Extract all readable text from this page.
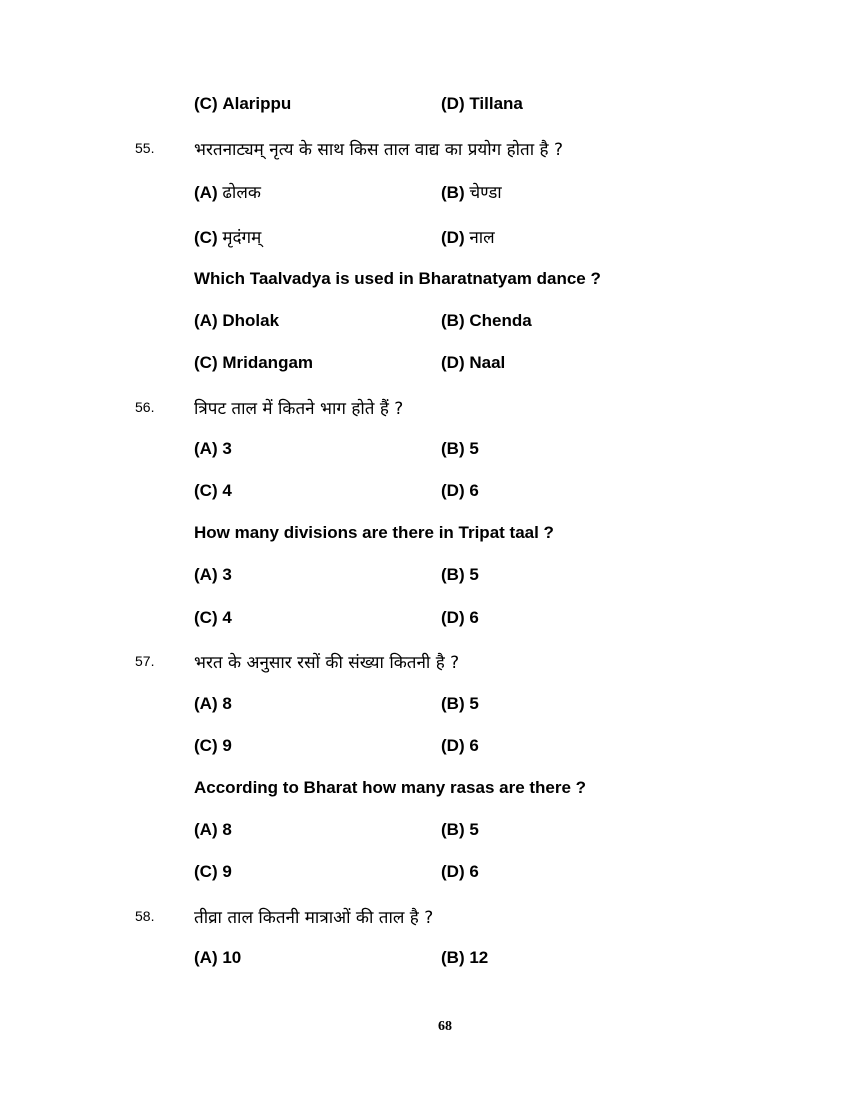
(C) Alarippu	(D) Tillana
55. भरतनाट्यम् नृत्य के साथ किस ताल वाद्य का प्रयोग होता है ?
(A) ढोलक	(B) चेण्डा
(C) मृदंगम्	(D) नाल
Which Taalvadya is used in Bharatnatyam dance ?
(A) Dholak	(B) Chenda
(C) Mridangam	(D) Naal
56. त्रिपट ताल में कितने भाग होते हैं ?
(A) 3	(B) 5
(C) 4	(D) 6
How many divisions are there in Tripat taal ?
(A) 3	(B) 5
(C) 4	(D) 6
57. भरत के अनुसार रसों की संख्या कितनी है ?
(A) 8	(B) 5
(C) 9	(D) 6
According to Bharat how many rasas are there ?
(A) 8	(B) 5
(C) 9	(D) 6
58. तीव्रा ताल कितनी मात्राओं की ताल है ?
(A) 10	(B) 12
68
